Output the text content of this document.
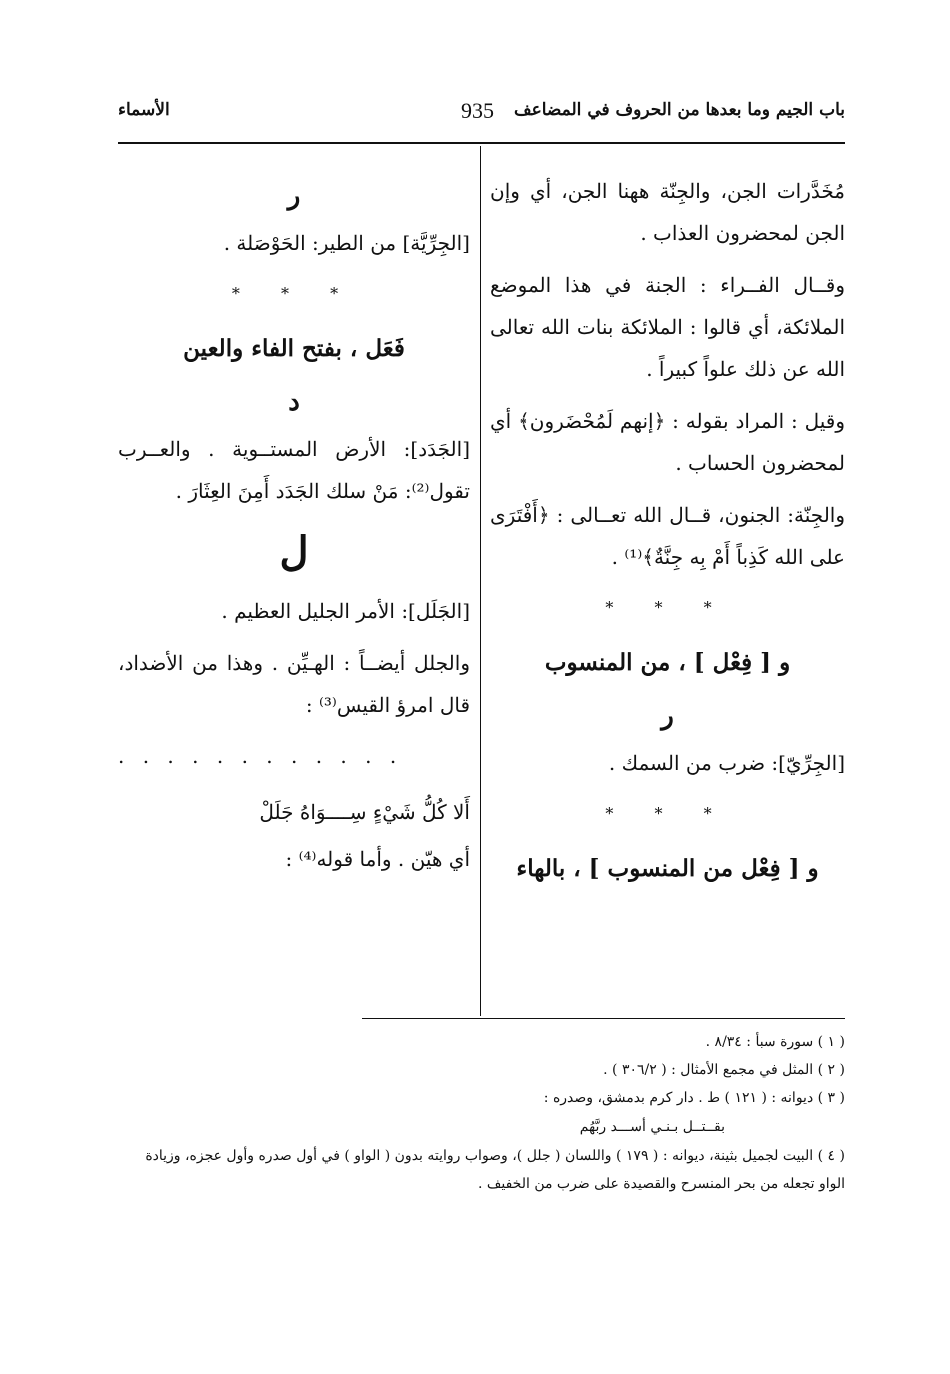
باب الجيم وما بعدها من الحروف في المضاعف
935
الأسماء

مُخَدَّرات الجن، والجِنّة ههنا الجن، أي وإن الجن لمحضرون العذاب .

وقــال الفــراء : الجنة في هذا الموضع الملائكة، أي قالوا : الملائكة بنات الله تعالى الله عن ذلك علواً كبيراً .

وقيل : المراد بقوله : ﴿إنهم لَمُحْضَرون﴾ أي لمحضرون الحساب .

والجِنّة: الجنون، قــال الله تعــالى : ﴿أَفْتَرَى على الله كَذِباً أَمْ بِه جِنَّةٌ﴾⁽¹⁾ .

* * *
و [ فِعْل ] ، من المنسوب
ر

[الجِرِّيّ]: ضرب من السمك .

* * *
و [ فِعْل من المنسوب ] ، بالهاء
ر

[الجِرِّيَّة] من الطير: الحَوْصَلة .

* * *
فَعَل ، بفتح الفاء والعين
د

[الجَدَد]: الأرض المستــوية . والعــرب تقول⁽²⁾: مَنْ سلك الجَدَد أَمِنَ العِثَارَ .

ل

[الجَلَل]: الأمر الجليل العظيم .

والجلل أيضــاً : الهـيِّن . وهذا من الأضداد، قال امرؤ القيس⁽³⁾ :

. . . . . . . . . . . .
أَلا كُلُّ شَيْءٍ سِــــوَاهُ جَلَلْ

أي هيّن . وأما قوله⁽⁴⁾ :

( ١ ) سورة سبأ : ٨/٣٤ .

( ٢ ) المثل في مجمع الأمثال : ( ٣٠٦/٢ ) .

( ٣ ) ديوانه : ( ١٢١ ) ط . دار كرم بدمشق، وصدره :

بقــتــل بـنـي أســـد ربَّهُم

( ٤ ) البيت لجميل بثينة، ديوانه : ( ١٧٩ ) واللسان ( جلل )، وصواب روايته بدون ( الواو ) في أول صدره وأول عجزه، وزيادة الواو تجعله من بحر المنسرح والقصيدة على ضرب من الخفيف .
